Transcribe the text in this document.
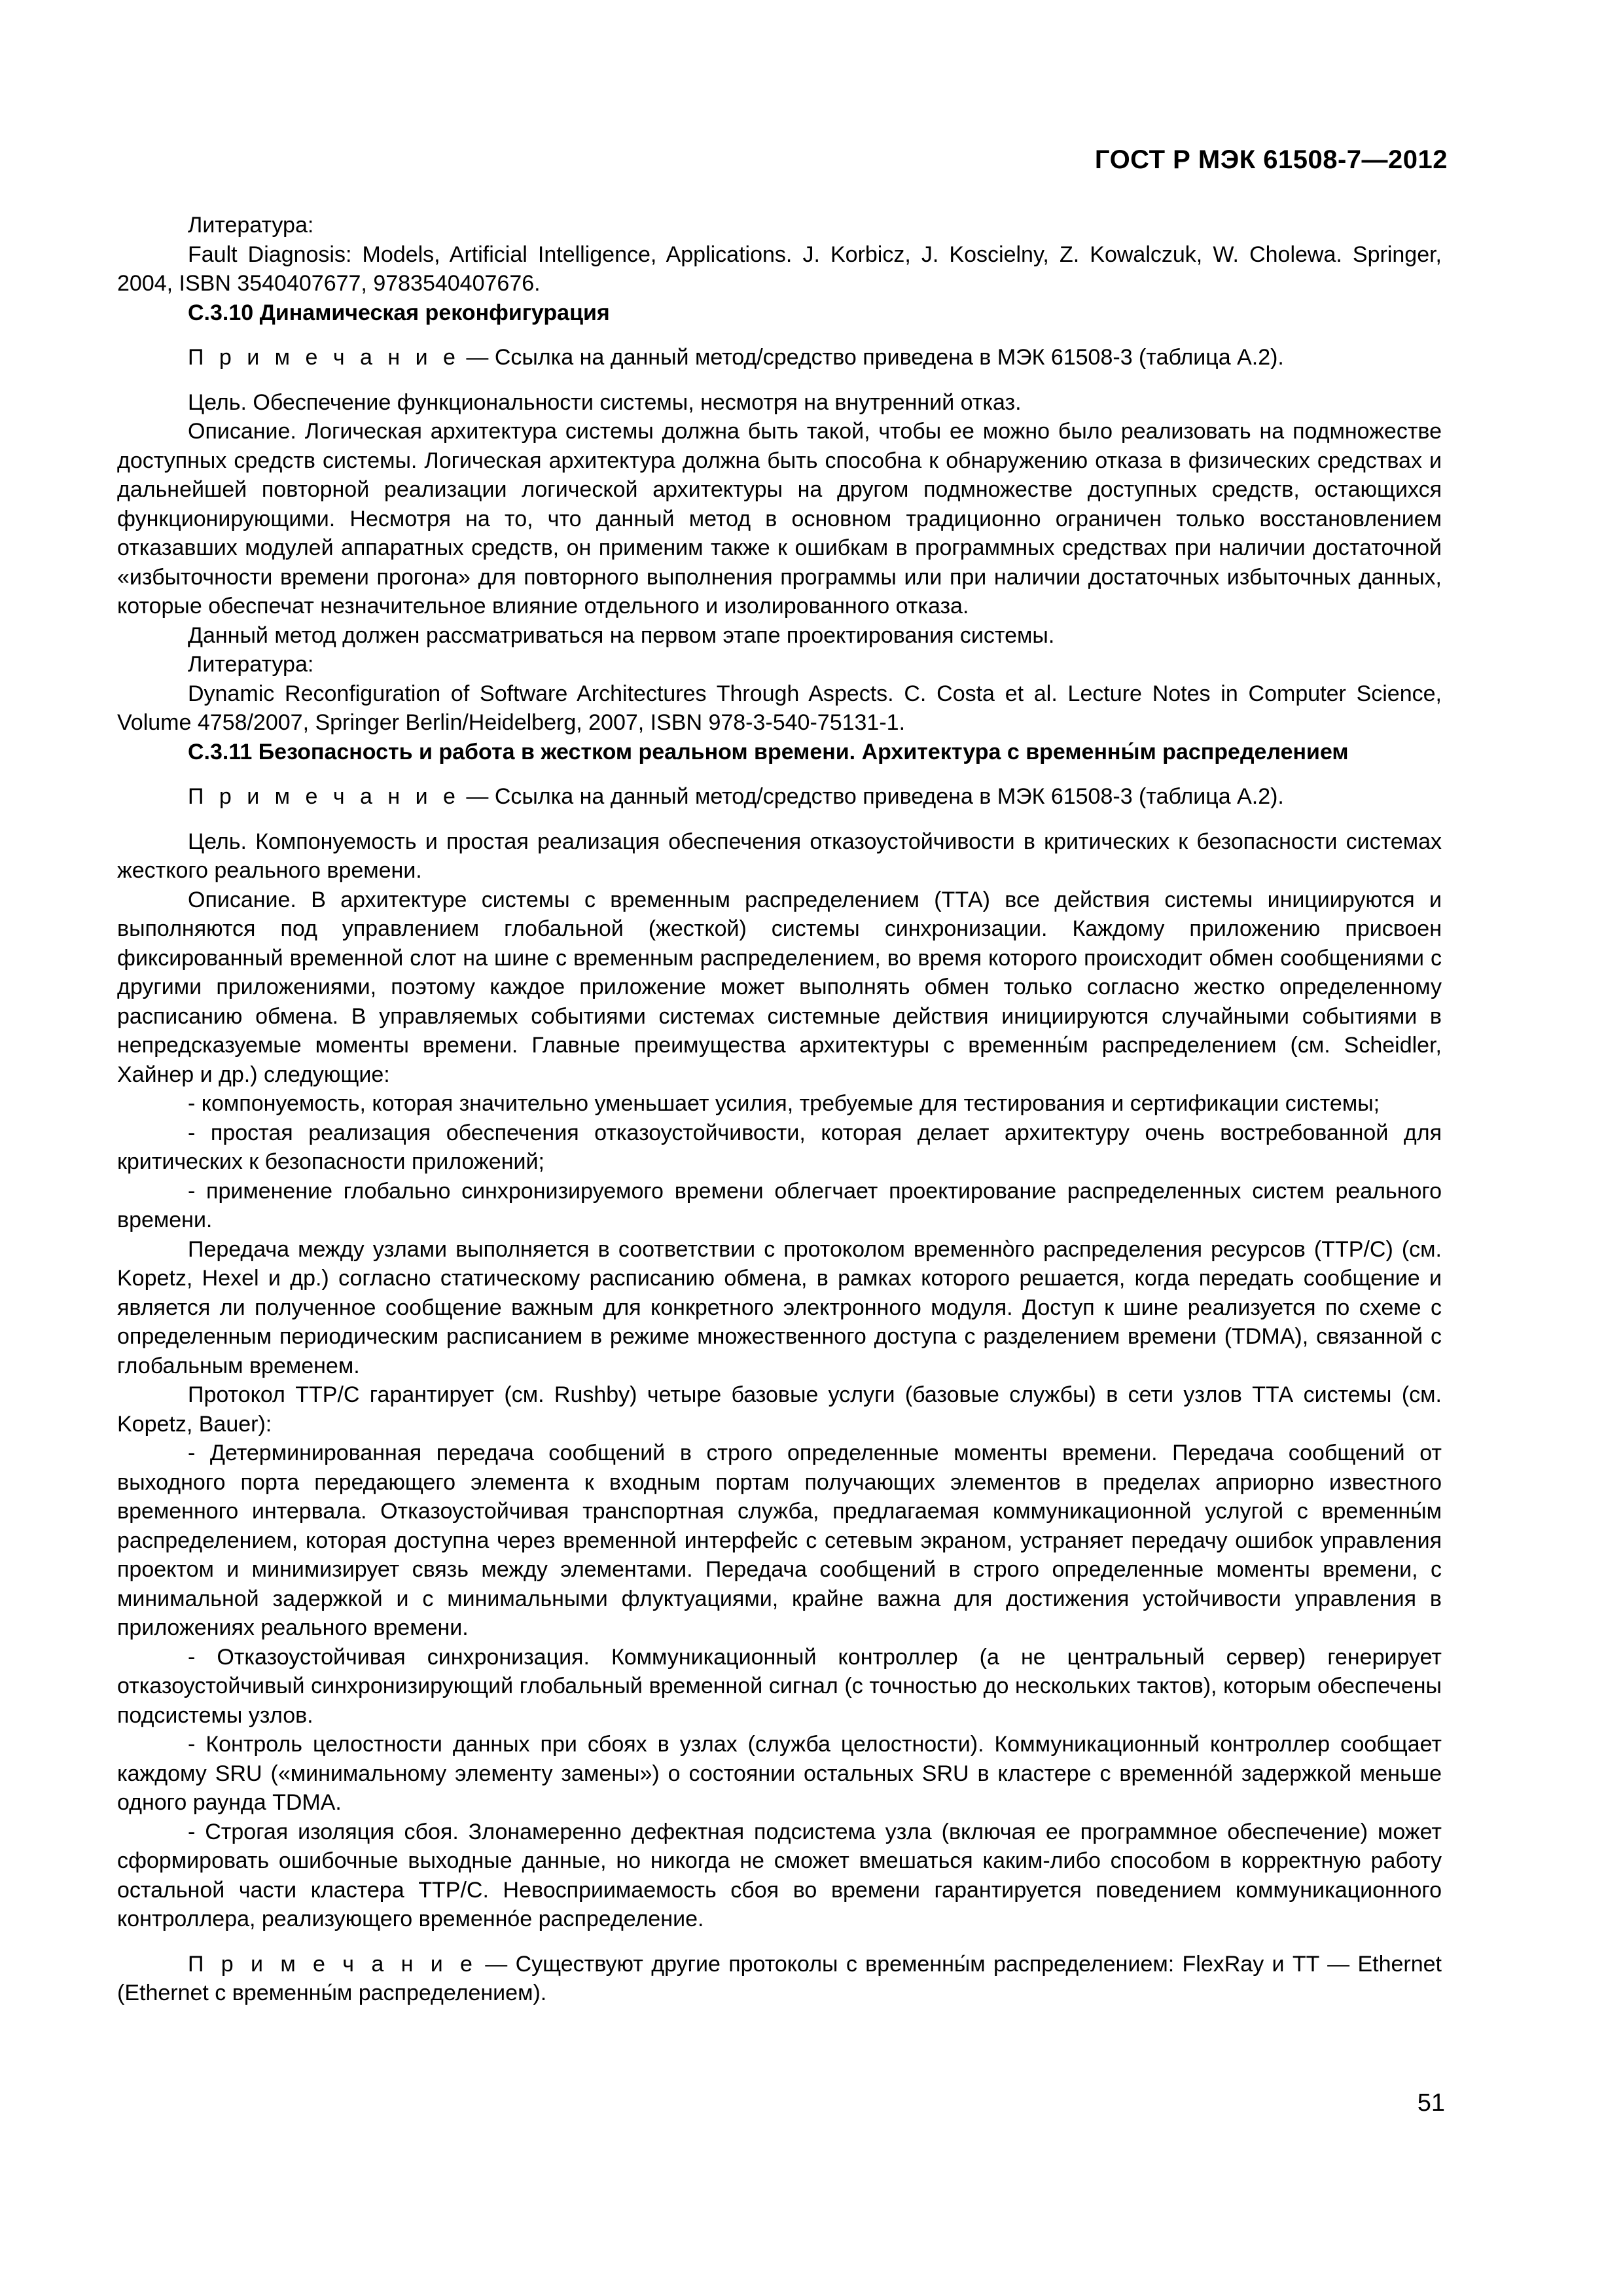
ГОСТ Р МЭК 61508-7—2012

Литература:

Fault Diagnosis: Models, Artificial Intelligence, Applications. J. Korbicz, J. Koscielny, Z. Kowalczuk, W. Cholewa. Springer, 2004, ISBN 3540407677, 9783540407676.

С.3.10 Динамическая реконфигурация

П р и м е ч а н и е — Ссылка на данный метод/средство приведена в МЭК 61508-3 (таблица А.2).

Цель. Обеспечение функциональности системы, несмотря на внутренний отказ.

Описание. Логическая архитектура системы должна быть такой, чтобы ее можно было реализовать на подмножестве доступных средств системы. Логическая архитектура должна быть способна к обнаружению отказа в физических средствах и дальнейшей повторной реализации логической архитектуры на другом подмножестве доступных средств, остающихся функционирующими. Несмотря на то, что данный метод в основном традиционно ограничен только восстановлением отказавших модулей аппаратных средств, он применим также к ошибкам в программных средствах при наличии достаточной «избыточности времени прогона» для повторного выполнения программы или при наличии достаточных избыточных данных, которые обеспечат незначительное влияние отдельного и изолированного отказа.

Данный метод должен рассматриваться на первом этапе проектирования системы.

Литература:

Dynamic Reconfiguration of Software Architectures Through Aspects. C. Costa et al. Lecture Notes in Computer Science, Volume 4758/2007, Springer Berlin/Heidelberg, 2007, ISBN 978-3-540-75131-1.

С.3.11 Безопасность и работа в жестком реальном времени. Архитектура с временны́м распределением

П р и м е ч а н и е — Ссылка на данный метод/средство приведена в МЭК 61508-3 (таблица А.2).

Цель. Компонуемость и простая реализация обеспечения отказоустойчивости в критических к безопасности системах жесткого реального времени.

Описание. В архитектуре системы с временным распределением (ТТА) все действия системы инициируются и выполняются под управлением глобальной (жесткой) системы синхронизации. Каждому приложению присвоен фиксированный временной слот на шине с временным распределением, во время которого происходит обмен сообщениями с другими приложениями, поэтому каждое приложение может выполнять обмен только согласно жестко определенному расписанию обмена. В управляемых событиями системах системные действия инициируются случайными событиями в непредсказуемые моменты времени. Главные преимущества архитектуры с временны́м распределением (см. Scheidler, Хайнер и др.) следующие:

- компонуемость, которая значительно уменьшает усилия, требуемые для тестирования и сертификации системы;

- простая реализация обеспечения отказоустойчивости, которая делает архитектуру очень востребованной для критических к безопасности приложений;

- применение глобально синхронизируемого времени облегчает проектирование распределенных систем реального времени.

Передача между узлами выполняется в соответствии с протоколом временно̀го распределения ресурсов (TTP/C) (см. Kopetz, Hexel и др.) согласно статическому расписанию обмена, в рамках которого решается, когда передать сообщение и является ли полученное сообщение важным для конкретного электронного модуля. Доступ к шине реализуется по схеме с определенным периодическим расписанием в режиме множественного доступа с разделением времени (TDMA), связанной с глобальным временем.

Протокол TTP/C гарантирует (см. Rushby) четыре базовые услуги (базовые службы) в сети узлов ТТА системы (см. Kopetz, Bauer):

- Детерминированная передача сообщений в строго определенные моменты времени. Передача сообщений от выходного порта передающего элемента к входным портам получающих элементов в пределах априорно известного временного интервала. Отказоустойчивая транспортная служба, предлагаемая коммуникационной услугой с временны́м распределением, которая доступна через временной интерфейс с сетевым экраном, устраняет передачу ошибок управления проектом и минимизирует связь между элементами. Передача сообщений в строго определенные моменты времени, с минимальной задержкой и с минимальными флуктуациями, крайне важна для достижения устойчивости управления в приложениях реального времени.

- Отказоустойчивая синхронизация. Коммуникационный контроллер (а не центральный сервер) генерирует отказоустойчивый синхронизирующий глобальный временной сигнал (с точностью до нескольких тактов), которым обеспечены подсистемы узлов.

- Контроль целостности данных при сбоях в узлах (служба целостности). Коммуникационный контроллер сообщает каждому SRU («минимальному элементу замены») о состоянии остальных SRU в кластере с временно́й задержкой меньше одного раунда TDMA.

- Строгая изоляция сбоя. Злонамеренно дефектная подсистема узла (включая ее программное обеспечение) может сформировать ошибочные выходные данные, но никогда не сможет вмешаться каким-либо способом в корректную работу остальной части кластера TTP/C. Невосприимаемость сбоя во времени гарантируется поведением коммуникационного контроллера, реализующего временно́е распределение.

П р и м е ч а н и е — Существуют другие протоколы с временны́м распределением: FlexRay и TT — Ethernet (Ethernet с временны́м распределением).

51
